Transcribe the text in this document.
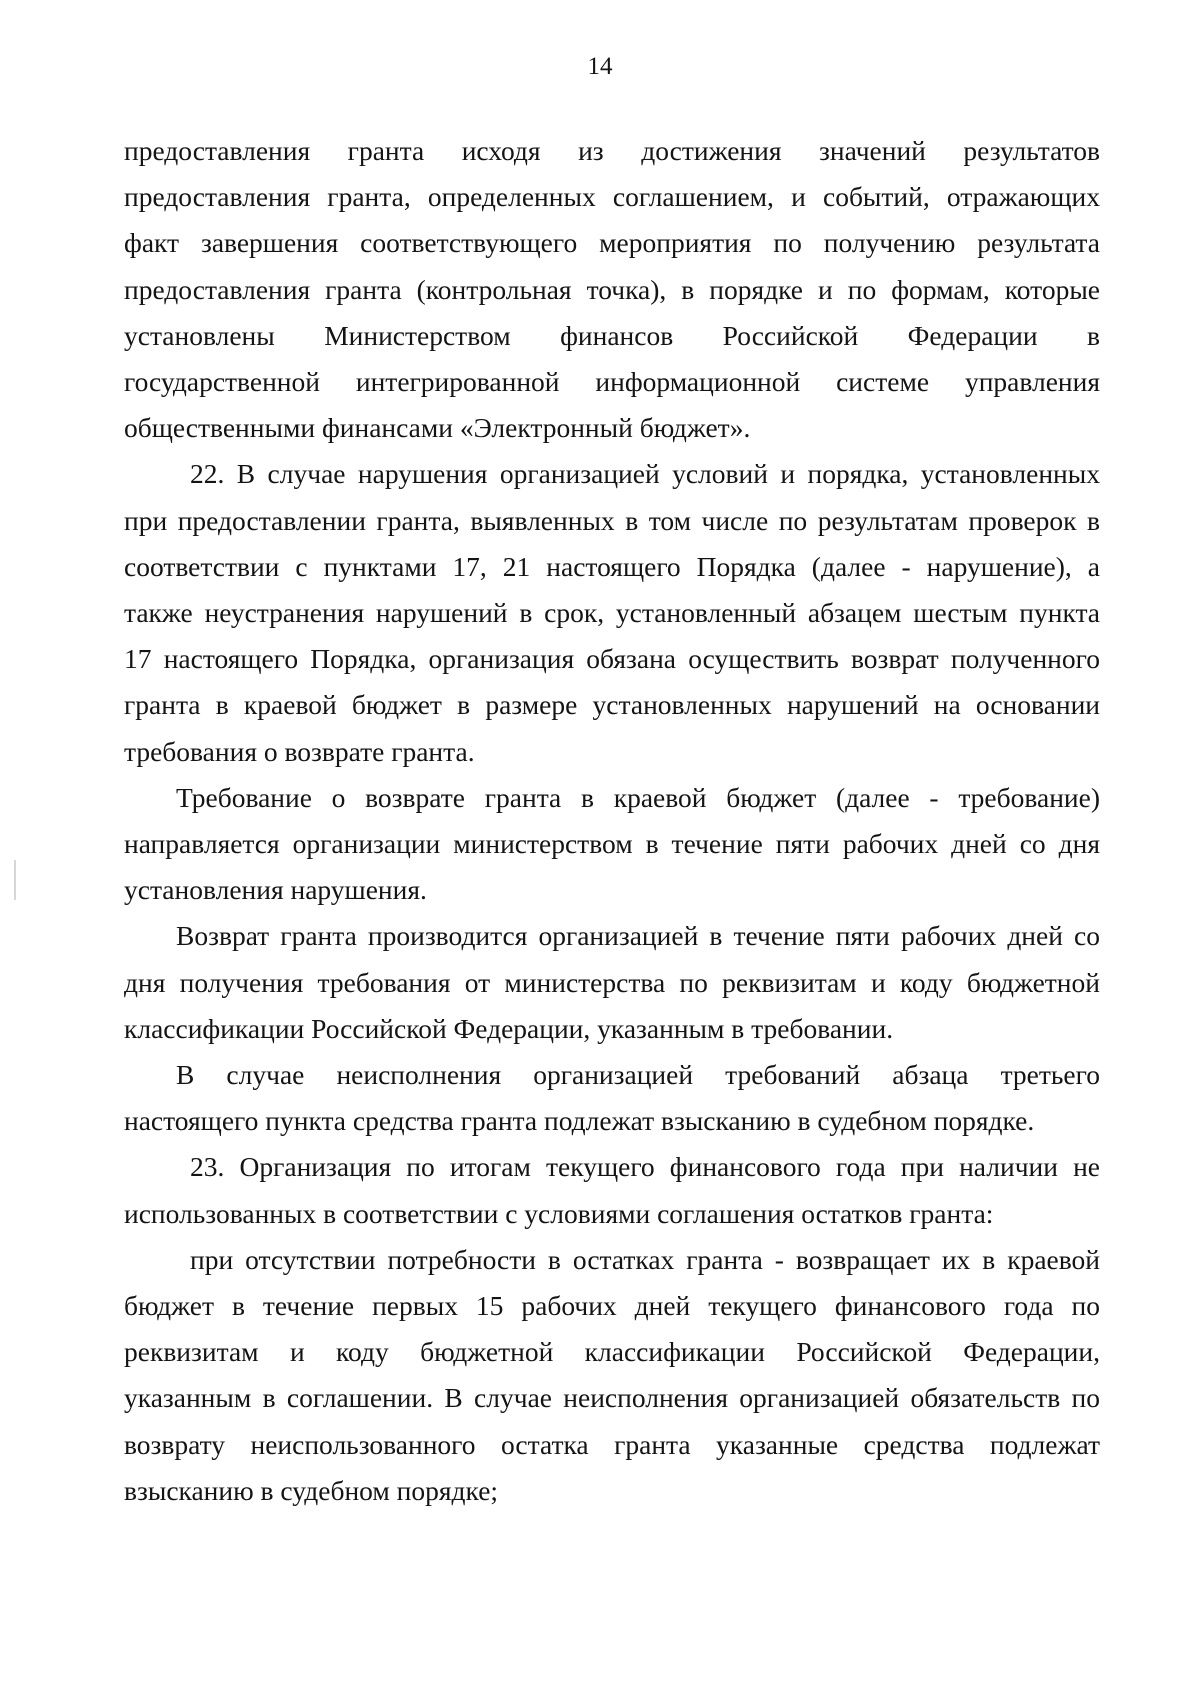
14

предоставления гранта исходя из достижения значений результатов
предоставления гранта, определенных соглашением, и событий, отражающих
факт завершения соответствующего мероприятия по получению результата
предоставления гранта (контрольная точка), в порядке и по формам, которые
установлены Министерством финансов Российской Федерации в
государственной интегрированной информационной системе управления
общественными финансами «Электронный бюджет».

22. В случае нарушения организацией условий и порядка, установленных
при предоставлении гранта, выявленных в том числе по результатам проверок в
соответствии с пунктами 17, 21 настоящего Порядка (далее - нарушение), а
также неустранения нарушений в срок, установленный абзацем шестым пункта
17 настоящего Порядка, организация обязана осуществить возврат полученного
гранта в краевой бюджет в размере установленных нарушений на основании
требования о возврате гранта.

Требование о возврате гранта в краевой бюджет (далее - требование)
направляется организации министерством в течение пяти рабочих дней со дня
установления нарушения.

Возврат гранта производится организацией в течение пяти рабочих дней со
дня получения требования от министерства по реквизитам и коду бюджетной
классификации Российской Федерации, указанным в требовании.

В случае неисполнения организацией требований абзаца третьего
настоящего пункта средства гранта подлежат взысканию в судебном порядке.

23. Организация по итогам текущего финансового года при наличии не
использованных в соответствии с условиями соглашения остатков гранта:

при отсутствии потребности в остатках гранта - возвращает их в краевой
бюджет в течение первых 15 рабочих дней текущего финансового года по
реквизитам и коду бюджетной классификации Российской Федерации,
указанным в соглашении. В случае неисполнения организацией обязательств по
возврату неиспользованного остатка гранта указанные средства подлежат
взысканию в судебном порядке;
